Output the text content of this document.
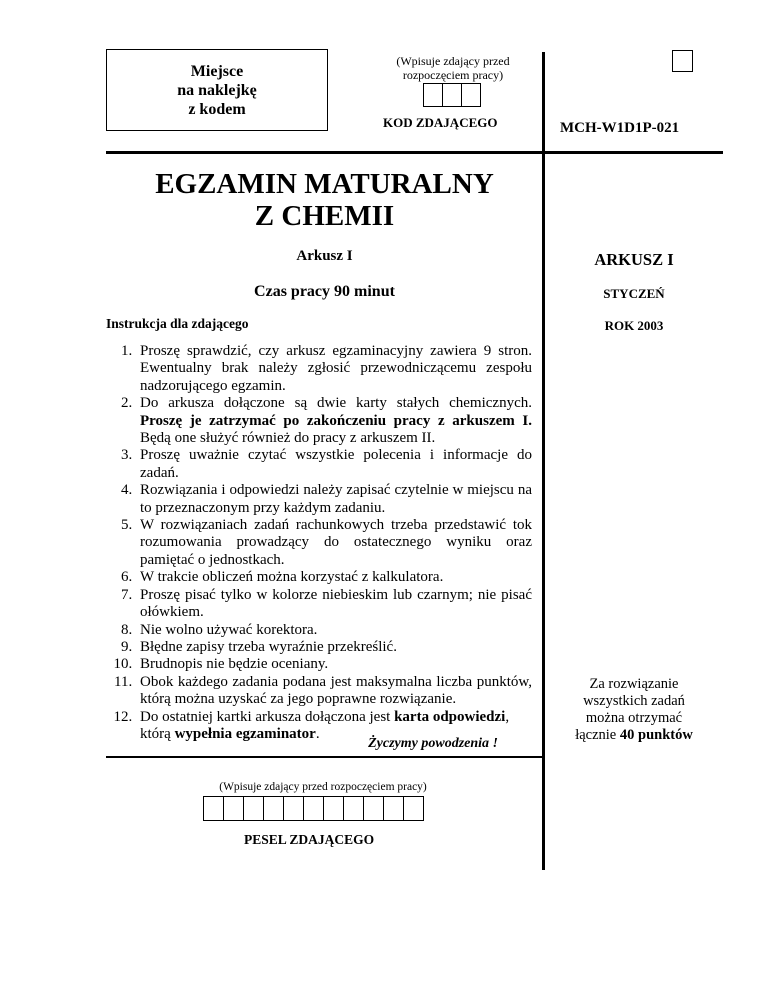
Miejsce
na naklejkę
z kodem
(Wpisuje zdający przed
rozpoczęciem pracy)
KOD ZDAJĄCEGO	MCH-W1D1P-021
EGZAMIN MATURALNY
Z CHEMII
Arkusz I
Czas pracy 90 minut
ARKUSZ I
STYCZEŃ
ROK 2003
Instrukcja dla zdającego
1. Proszę sprawdzić, czy arkusz egzaminacyjny zawiera 9 stron. Ewentualny brak należy zgłosić przewodniczącemu zespołu nadzorującego egzamin.
2. Do arkusza dołączone są dwie karty stałych chemicznych. Proszę je zatrzymać po zakończeniu pracy z arkuszem I. Będą one służyć również do pracy z arkuszem II.
3. Proszę uważnie czytać wszystkie polecenia i informacje do zadań.
4. Rozwiązania i odpowiedzi należy zapisać czytelnie w miejscu na to przeznaczonym przy każdym zadaniu.
5. W rozwiązaniach zadań rachunkowych trzeba przedstawić tok rozumowania prowadzący do ostatecznego wyniku oraz pamiętać o jednostkach.
6. W trakcie obliczeń można korzystać z kalkulatora.
7. Proszę pisać tylko w kolorze niebieskim lub czarnym; nie pisać ołówkiem.
8. Nie wolno używać korektora.
9. Błędne zapisy trzeba wyraźnie przekreślić.
10. Brudnopis nie będzie oceniany.
11. Obok każdego zadania podana jest maksymalna liczba punktów, którą można uzyskać za jego poprawne rozwiązanie.
12. Do ostatniej kartki arkusza dołączona jest karta odpowiedzi, którą wypełnia egzaminator.
Życzymy powodzenia !
Za rozwiązanie
wszystkich zadań
można otrzymać
łącznie 40 punktów
(Wpisuje zdający przed rozpoczęciem pracy)
PESEL ZDAJĄCEGO
